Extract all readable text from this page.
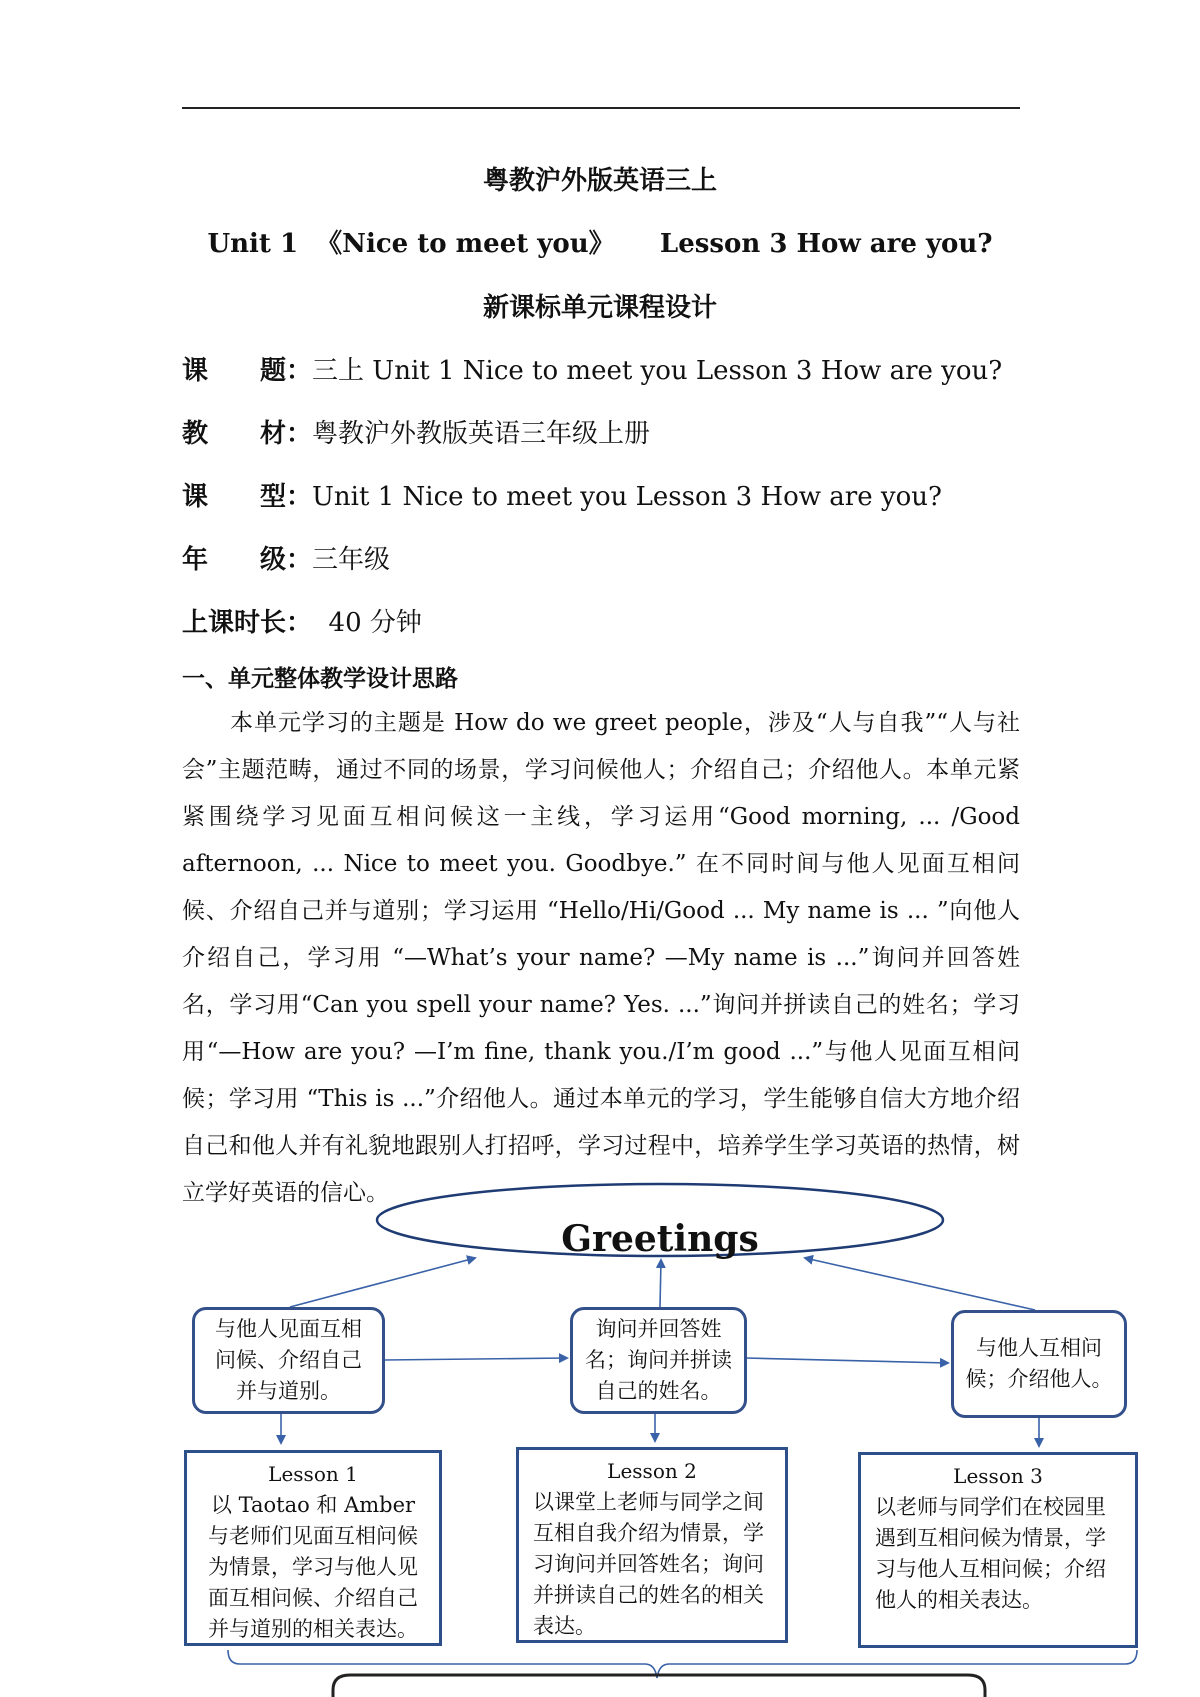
粤教沪外版英语三上
Unit 1 《Nice to meet you》 Lesson 3 How are you?
新课标单元课程设计
课　　题：三上 Unit 1 Nice to meet you Lesson 3 How are you?
教　　材：粤教沪外教版英语三年级上册
课　　型：Unit 1 Nice to meet you Lesson 3 How are you?
年　　级：三年级
上课时长： 40 分钟
一、单元整体教学设计思路

本单元学习的主题是 How do we greet people，涉及“人与自我”“人与社会”主题范畴，通过不同的场景，学习问候他人；介绍自己；介绍他人。本单元紧紧围绕学习见面互相问候这一主线，学习运用“Good morning, ... /Good afternoon, ... Nice to meet you. Goodbye.” 在不同时间与他人见面互相问候、介绍自己并与道别；学习运用 “Hello/Hi/Good ... My name is ... ”向他人介绍自己，学习用 “—What’s your name? —My name is ...”询问并回答姓名，学习用“Can you spell your name? Yes. ...”询问并拼读自己的姓名；学习用“—How are you? —I’m fine, thank you./I’m good ...”与他人见面互相问候；学习用 “This is ...”介绍他人。通过本单元的学习，学生能够自信大方地介绍自己和他人并有礼貌地跟别人打招呼，学习过程中，培养学生学习英语的热情，树立学好英语的信心。

Greetings
与他人见面互相问候、介绍自己并与道别。
询问并回答姓名；询问并拼读自己的姓名。
与他人互相问候；介绍他人。
Lesson 1
以 Taotao 和 Amber 与老师们见面互相问候为情景，学习与他人见面互相问候、介绍自己并与道别的相关表达。
Lesson 2
以课堂上老师与同学之间互相自我介绍为情景，学习询问并回答姓名；询问并拼读自己的姓名的相关表达。
Lesson 3
以老师与同学们在校园里遇到互相问候为情景，学习与他人互相问候；介绍他人的相关表达。
